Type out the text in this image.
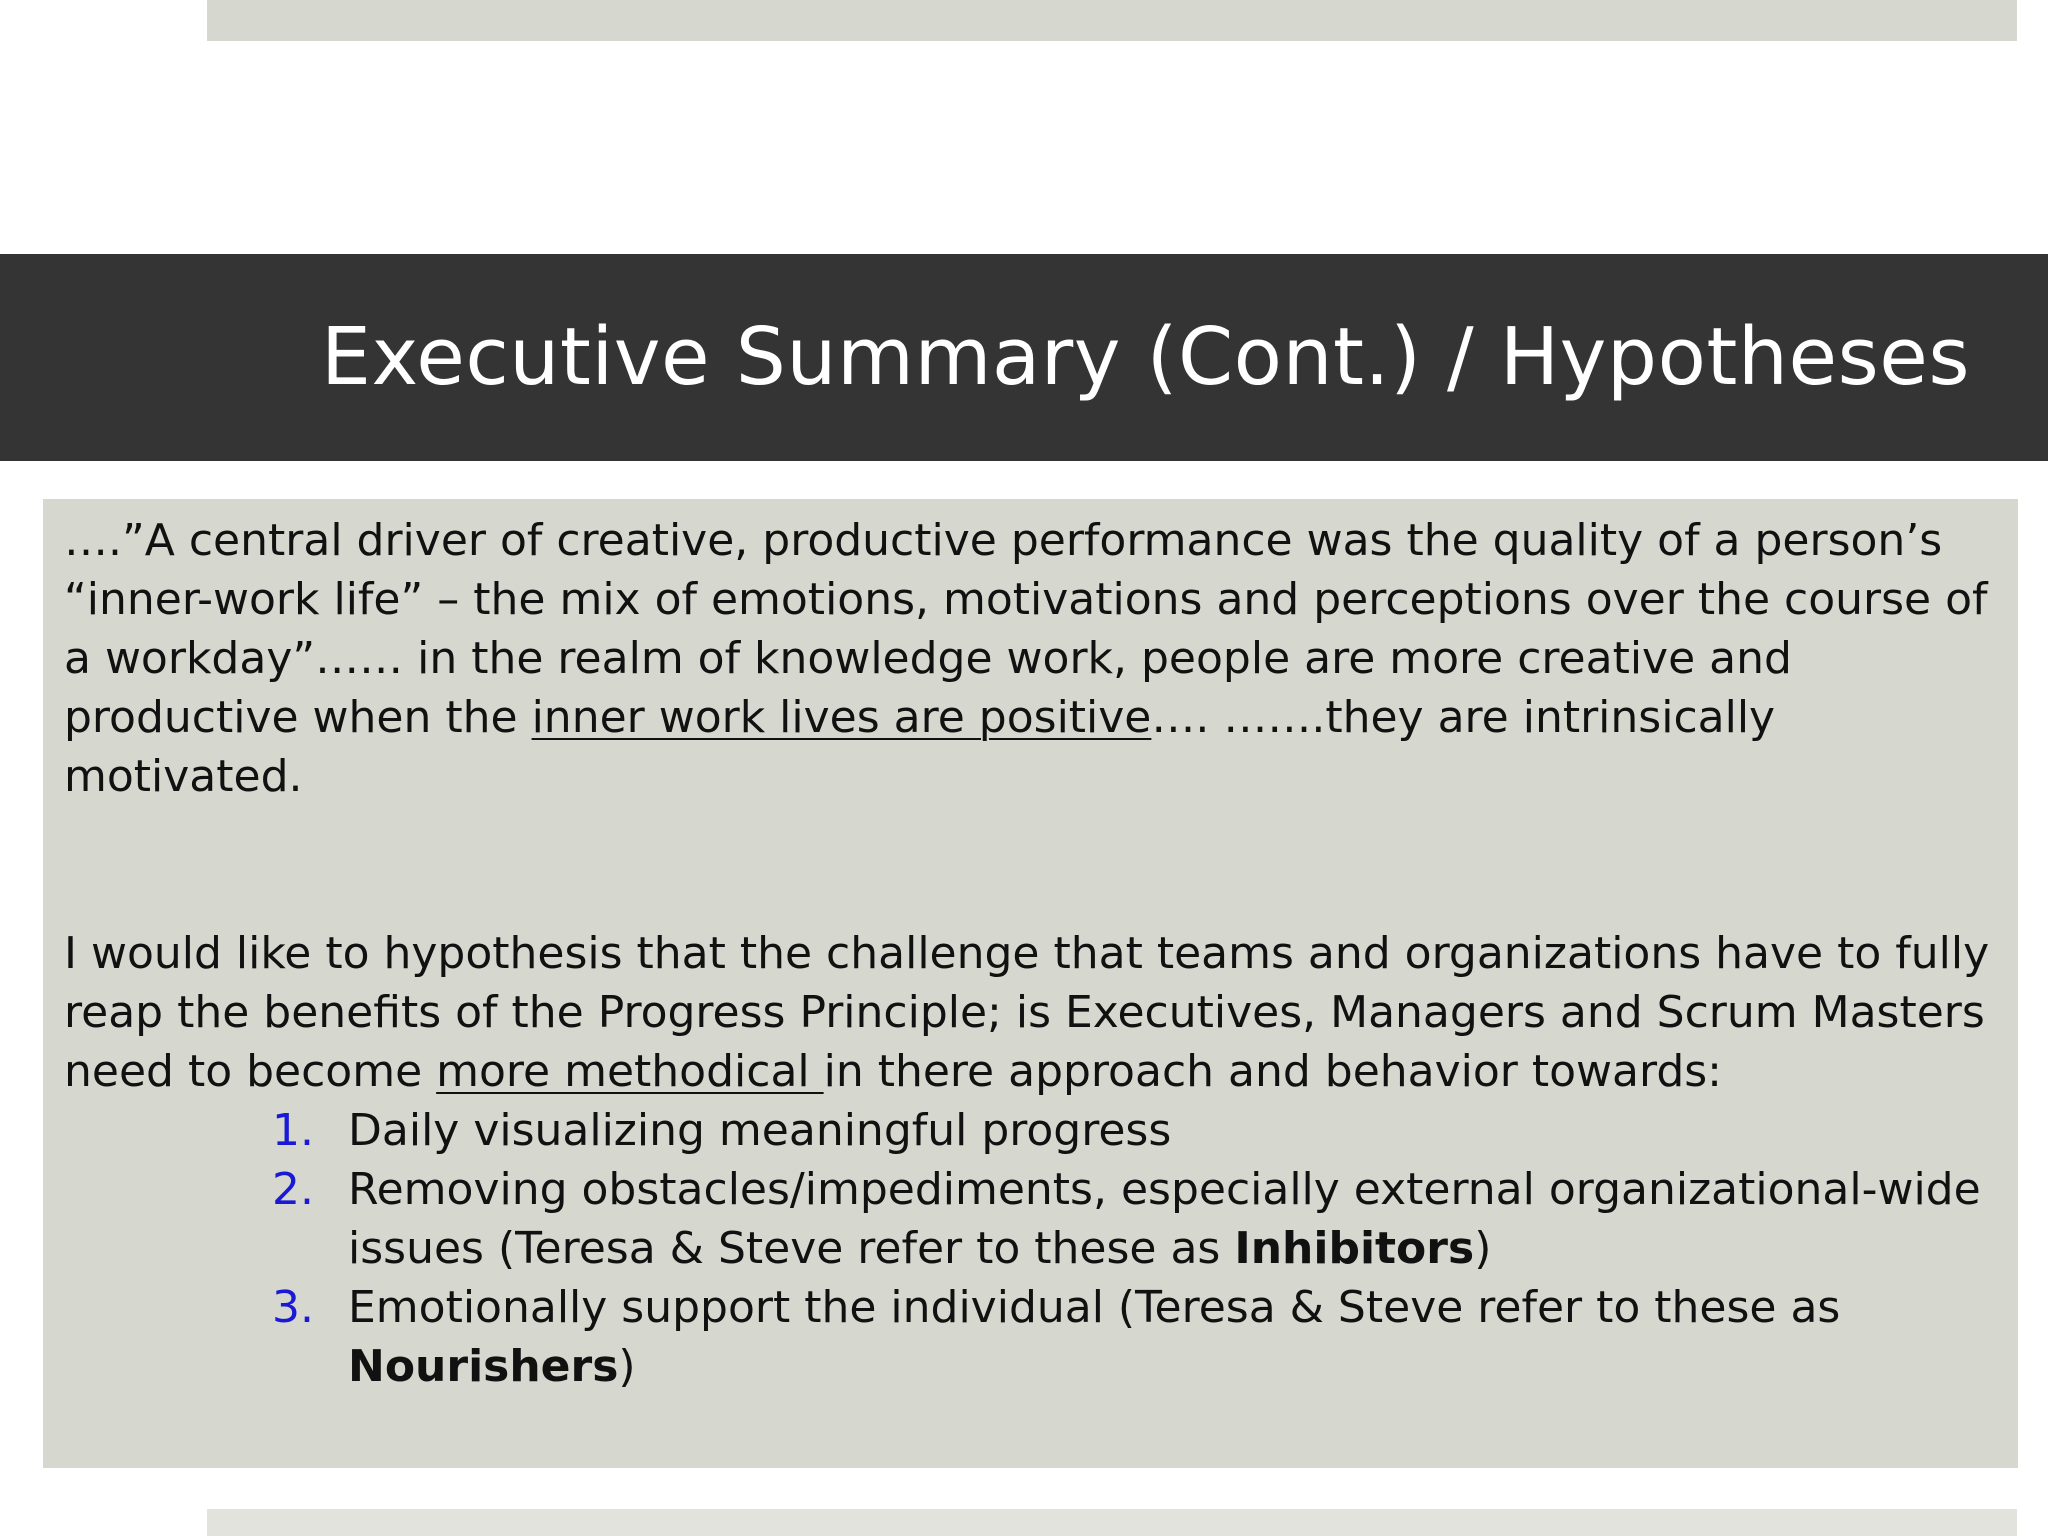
Executive Summary (Cont.) / Hypotheses

….”A central driver of creative, productive performance was the quality of a person’s “inner-work life” – the mix of emotions, motivations and perceptions over the course of a workday”…… in the realm of knowledge work, people are more creative and productive when the inner work lives are positive…. …….they are intrinsically motivated.

I would like to hypothesis that the challenge that teams and organizations have to fully reap the benefits of the Progress Principle; is Executives, Managers and Scrum Masters need to become more methodical in there approach and behavior towards:

1. Daily visualizing meaningful progress
2. Removing obstacles/impediments, especially external organizational-wide issues (Teresa & Steve refer to these as Inhibitors)
3. Emotionally support the individual (Teresa & Steve refer to these as Nourishers)
